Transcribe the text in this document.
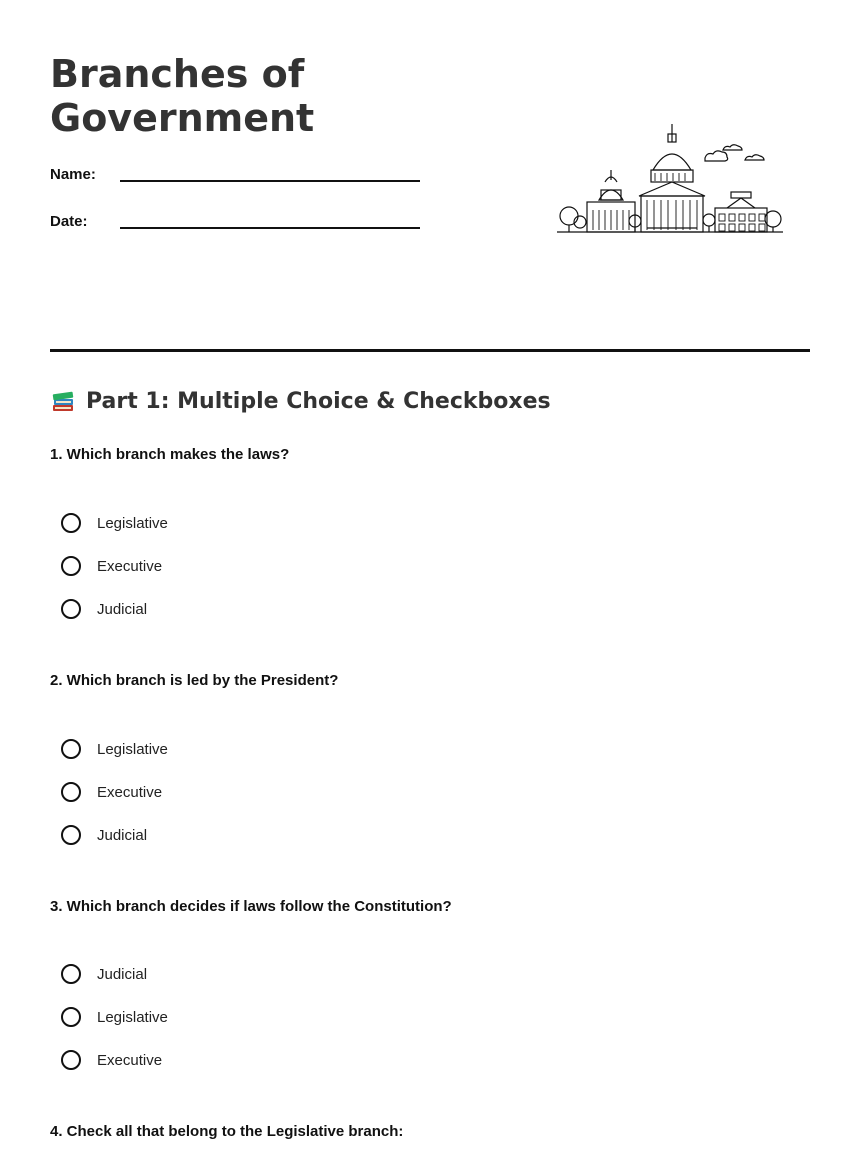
Branches of Government
Name:
Date:
Part 1: Multiple Choice & Checkboxes

1. Which branch makes the laws?

Legislative
Executive
Judicial

2. Which branch is led by the President?

Legislative
Executive
Judicial

3. Which branch decides if laws follow the Constitution?

Judicial
Legislative
Executive

4. Check all that belong to the Legislative branch:
